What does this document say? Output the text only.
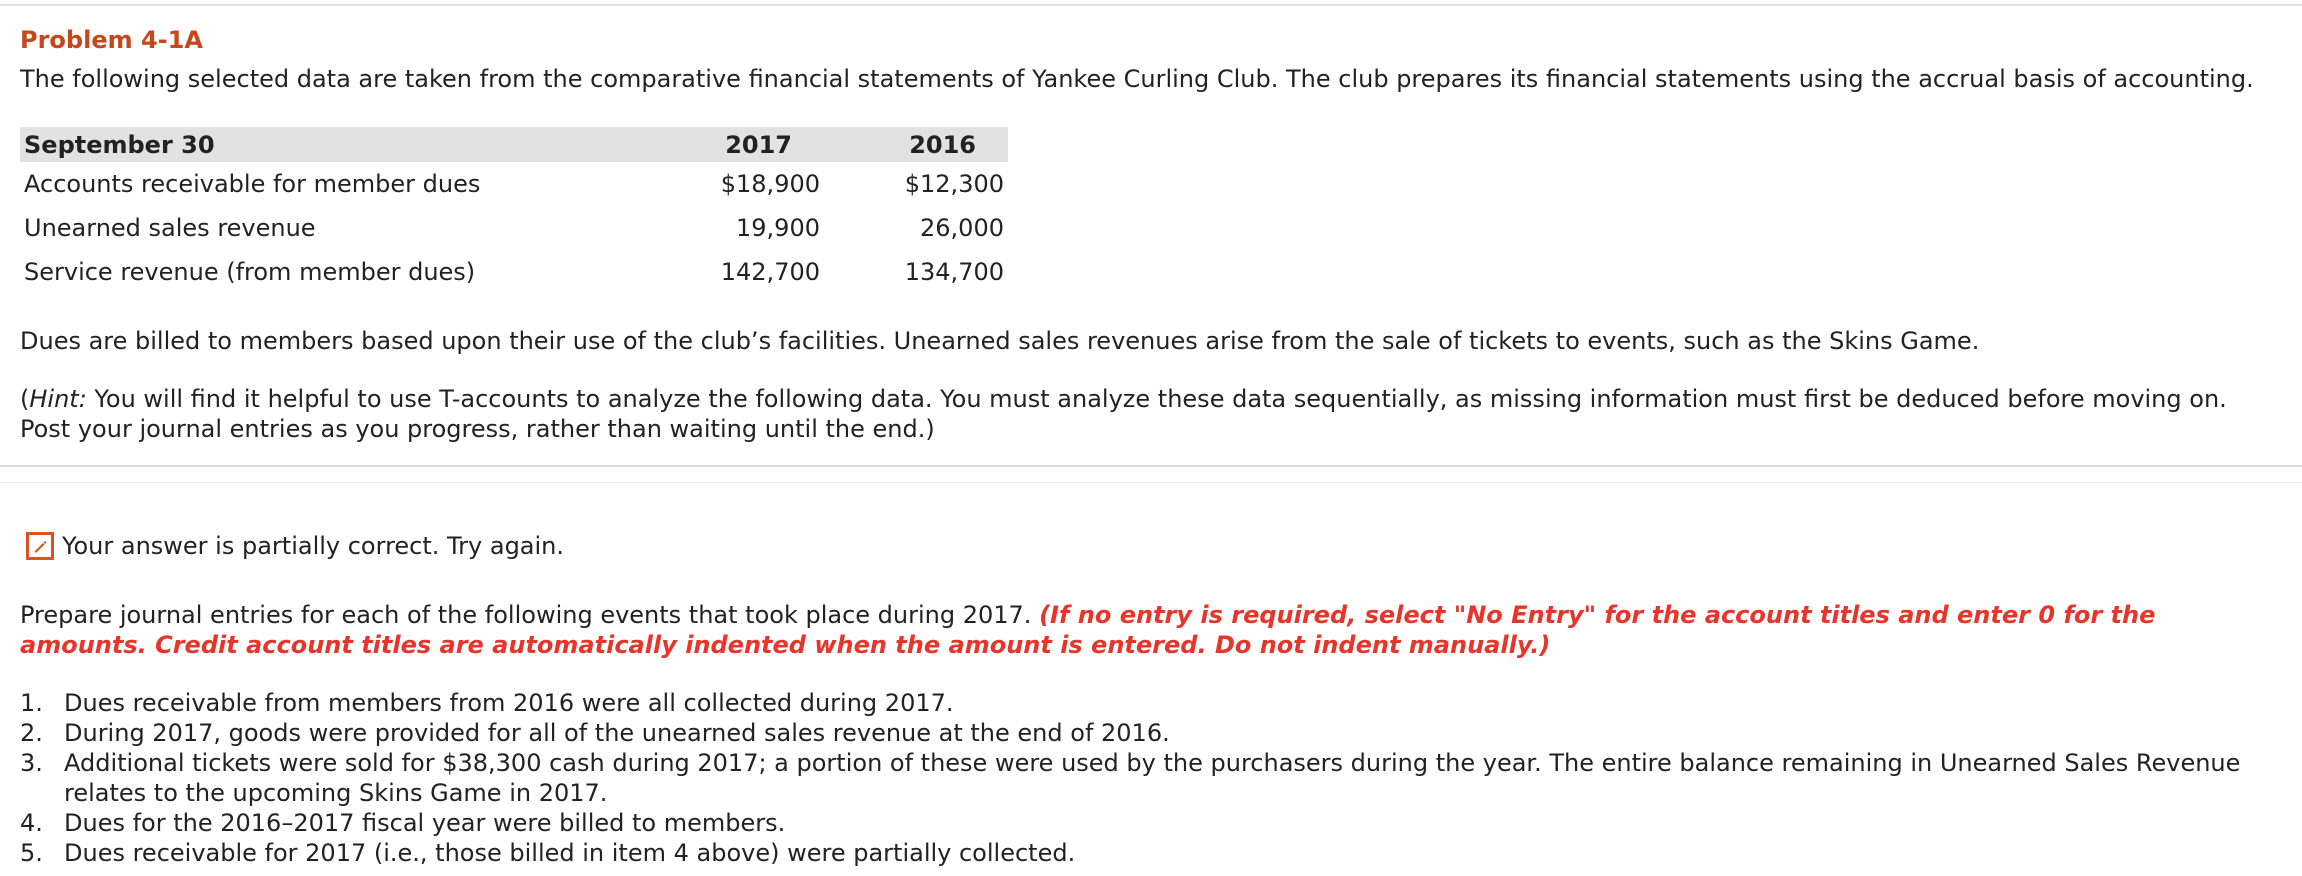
Problem 4-1A
The following selected data are taken from the comparative financial statements of Yankee Curling Club. The club prepares its financial statements using the accrual basis of accounting.
September 30	2017	2016
Accounts receivable for member dues	$18,900	$12,300
Unearned sales revenue	19,900	26,000
Service revenue (from member dues)	142,700	134,700
Dues are billed to members based upon their use of the club’s facilities. Unearned sales revenues arise from the sale of tickets to events, such as the Skins Game.
(Hint: You will find it helpful to use T-accounts to analyze the following data. You must analyze these data sequentially, as missing information must first be deduced before moving on.
Post your journal entries as you progress, rather than waiting until the end.)
Your answer is partially correct. Try again.
Prepare journal entries for each of the following events that took place during 2017. (If no entry is required, select "No Entry" for the account titles and enter 0 for the amounts. Credit account titles are automatically indented when the amount is entered. Do not indent manually.)
1. Dues receivable from members from 2016 were all collected during 2017.
2. During 2017, goods were provided for all of the unearned sales revenue at the end of 2016.
3. Additional tickets were sold for $38,300 cash during 2017; a portion of these were used by the purchasers during the year. The entire balance remaining in Unearned Sales Revenue relates to the upcoming Skins Game in 2017.
4. Dues for the 2016–2017 fiscal year were billed to members.
5. Dues receivable for 2017 (i.e., those billed in item 4 above) were partially collected.
